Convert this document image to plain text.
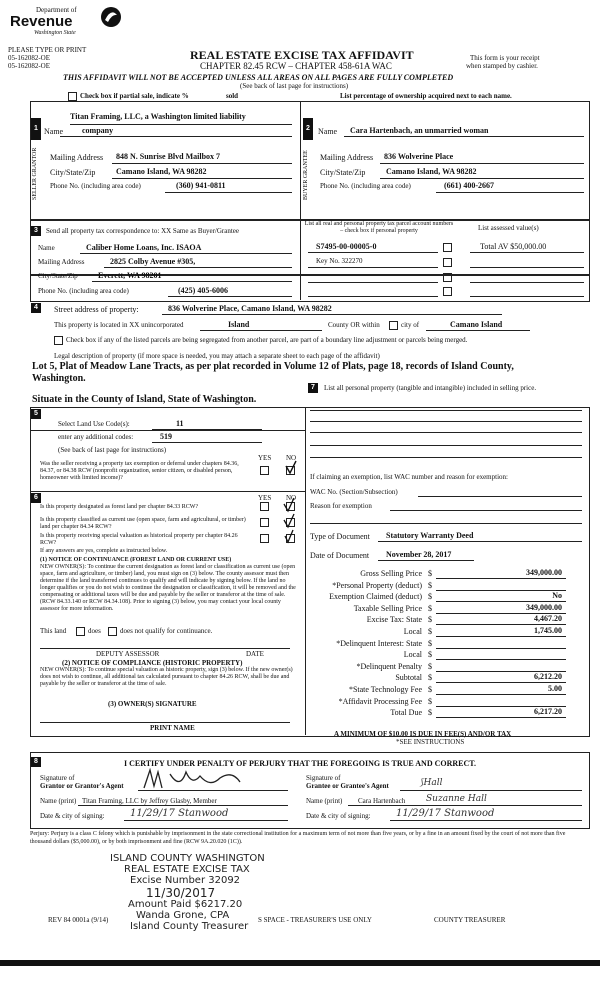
Department of
Revenue
Washington State
PLEASE TYPE OR PRINT
05-162082-OE
05-162082-OE
REAL ESTATE EXCISE TAX AFFIDAVIT
CHAPTER 82.45 RCW – CHAPTER 458-61A WAC
This form is your receipt
when stamped by cashier.
THIS AFFIDAVIT WILL NOT BE ACCEPTED UNLESS ALL AREAS ON ALL PAGES ARE FULLY COMPLETED
(See back of last page for instructions)
Check box if partial sale, indicate %	sold	List percentage of ownership acquired next to each name.
1 Name
Titan Framing, LLC, a Washington limited liability
company
SELLER GRANTOR Mailing Address 848 N. Sunrise Blvd Mailbox 7
City/State/Zip	Camano Island, WA 98282
Phone No. (including area code)	(360) 941-0811
2	Name Cara Hartenbach, an unmarried woman
BUYER GRANTEE Mailing Address 836 Wolverine Place
City/State/Zip	Camano Island, WA 98282
Phone No. (including area code)	(661) 400-2667
3	Send all property tax correspondence to: XX Same as Buyer/Grantee
Name	Caliber Home Loans, Inc. ISAOA
Mailing Address	2825 Colby Avenue #305,
List all real and personal property tax parcel account numbers – check box if personal property	List assessed value(s)
S7495-00-00005-0	Total AV $50,000.00
Key No. 322270
City/State/Zip	Everett, WA 98201
Phone No. (including area code)	(425) 405-6006
4	Street address of property:	836 Wolverine Place, Camano Island, WA 98282
This property is located in XX unincorporated	Island	County OR within	city of	Camano Island
Check box if any of the listed parcels are being segregated from another parcel, are part of a boundary line adjustment or parcels being merged.
Legal description of property (if more space is needed, you may attach a separate sheet to each page of the affidavit)
Lot 5, Plat of Meadow Lane Tracts, as per plat recorded in Volume 12 of Plats, page 18, records of Island County,
Washington.
Situate in the County of Island, State of Washington.
5
Select Land Use Code(s):	11
enter any additional codes:	519
(See back of last page for instructions)
YES NO
Was the seller receiving a property tax exemption or deferral under chapters 84.36, 84.37, or 84.38 RCW (nonprofit organization, senior citizen, or disabled person, homeowner with limited income)?
6	YES NO
Is this property designated as forest land per chapter 84.33 RCW?
Is this property classified as current use (open space, farm and agricultural, or timber) land per chapter 84.34 RCW?
Is this property receiving special valuation as historical property per chapter 84.26 RCW?
If any answers are yes, complete as instructed below.
(1) NOTICE OF CONTINUANCE (FOREST LAND OR CURRENT USE)
NEW OWNER(S): To continue the current designation as forest land or classification as current use (open space, farm and agriculture, or timber) land, you must sign on (3) below. The county assessor must then determine if the land transferred continues to qualify and will indicate by signing below. If the land no longer qualifies or you do not wish to continue the designation or classification, it will be removed and the compensating or additional taxes will be due and payable by the seller or transferor at the time of sale. (RCW 84.33.140 or RCW 84.34.108). Prior to signing (3) below, you may contact your local county assessor for more information.
This land	does	does not qualify for continuance.
DEPUTY ASSESSOR	DATE
(2) NOTICE OF COMPLIANCE (HISTORIC PROPERTY)
NEW OWNER(S): To continue special valuation as historic property, sign (3) below. If the new owner(s) does not wish to continue, all additional tax calculated pursuant to chapter 84.26 RCW, shall be due and payable by the seller or transferor at the time of sale.
(3) OWNER(S) SIGNATURE
PRINT NAME
7	List all personal property (tangible and intangible) included in selling price.
If claiming an exemption, list WAC number and reason for exemption:
WAC No. (Section/Subsection)
Reason for exemption
Type of Document Statutory Warranty Deed
Date of Document November 28, 2017
Gross Selling Price $	349,000.00
*Personal Property (deduct) $
Exemption Claimed (deduct) $	No
Taxable Selling Price $	349,000.00
Excise Tax: State $	4,467.20
Local $	1,745.00
*Delinquent Interest: State $
Local $
*Delinquent Penalty $
Subtotal $	6,212.20
*State Technology Fee $	5.00
*Affidavit Processing Fee $
Total Due $	6,217.20
A MINIMUM OF $10.00 IS DUE IN FEE(S) AND/OR TAX
*SEE INSTRUCTIONS
8	I CERTIFY UNDER PENALTY OF PERJURY THAT THE FOREGOING IS TRUE AND CORRECT.
Signature of
Grantor or Grantor's Agent
Name (print) Titan Framing, LLC by Jeffrey Glasby, Member
Date & city of signing:	11/29/17 Stanwood
Signature of
Grantee or Grantee's Agent	⟆Hall
Name (print) Cara Hartenbach Suzanne Hall
Date & city of signing:	11/29/17 Stanwood
Perjury: Perjury is a class C felony which is punishable by imprisonment in the state correctional institution for a maximum term of not more than five years, or by a fine in an amount fixed by the court of not more than five thousand dollars ($5,000.00), or by both imprisonment and fine (RCW 9A.20.020 (1C)).
ISLAND COUNTY WASHINGTON
REAL ESTATE EXCISE TAX
Excise Number 32092
11/30/2017
Amount Paid $6217.20
Wanda Grone, CPA
Island County Treasurer
REV 84 0001a (9/14)	S SPACE - TREASURER'S USE ONLY	COUNTY TREASURER
